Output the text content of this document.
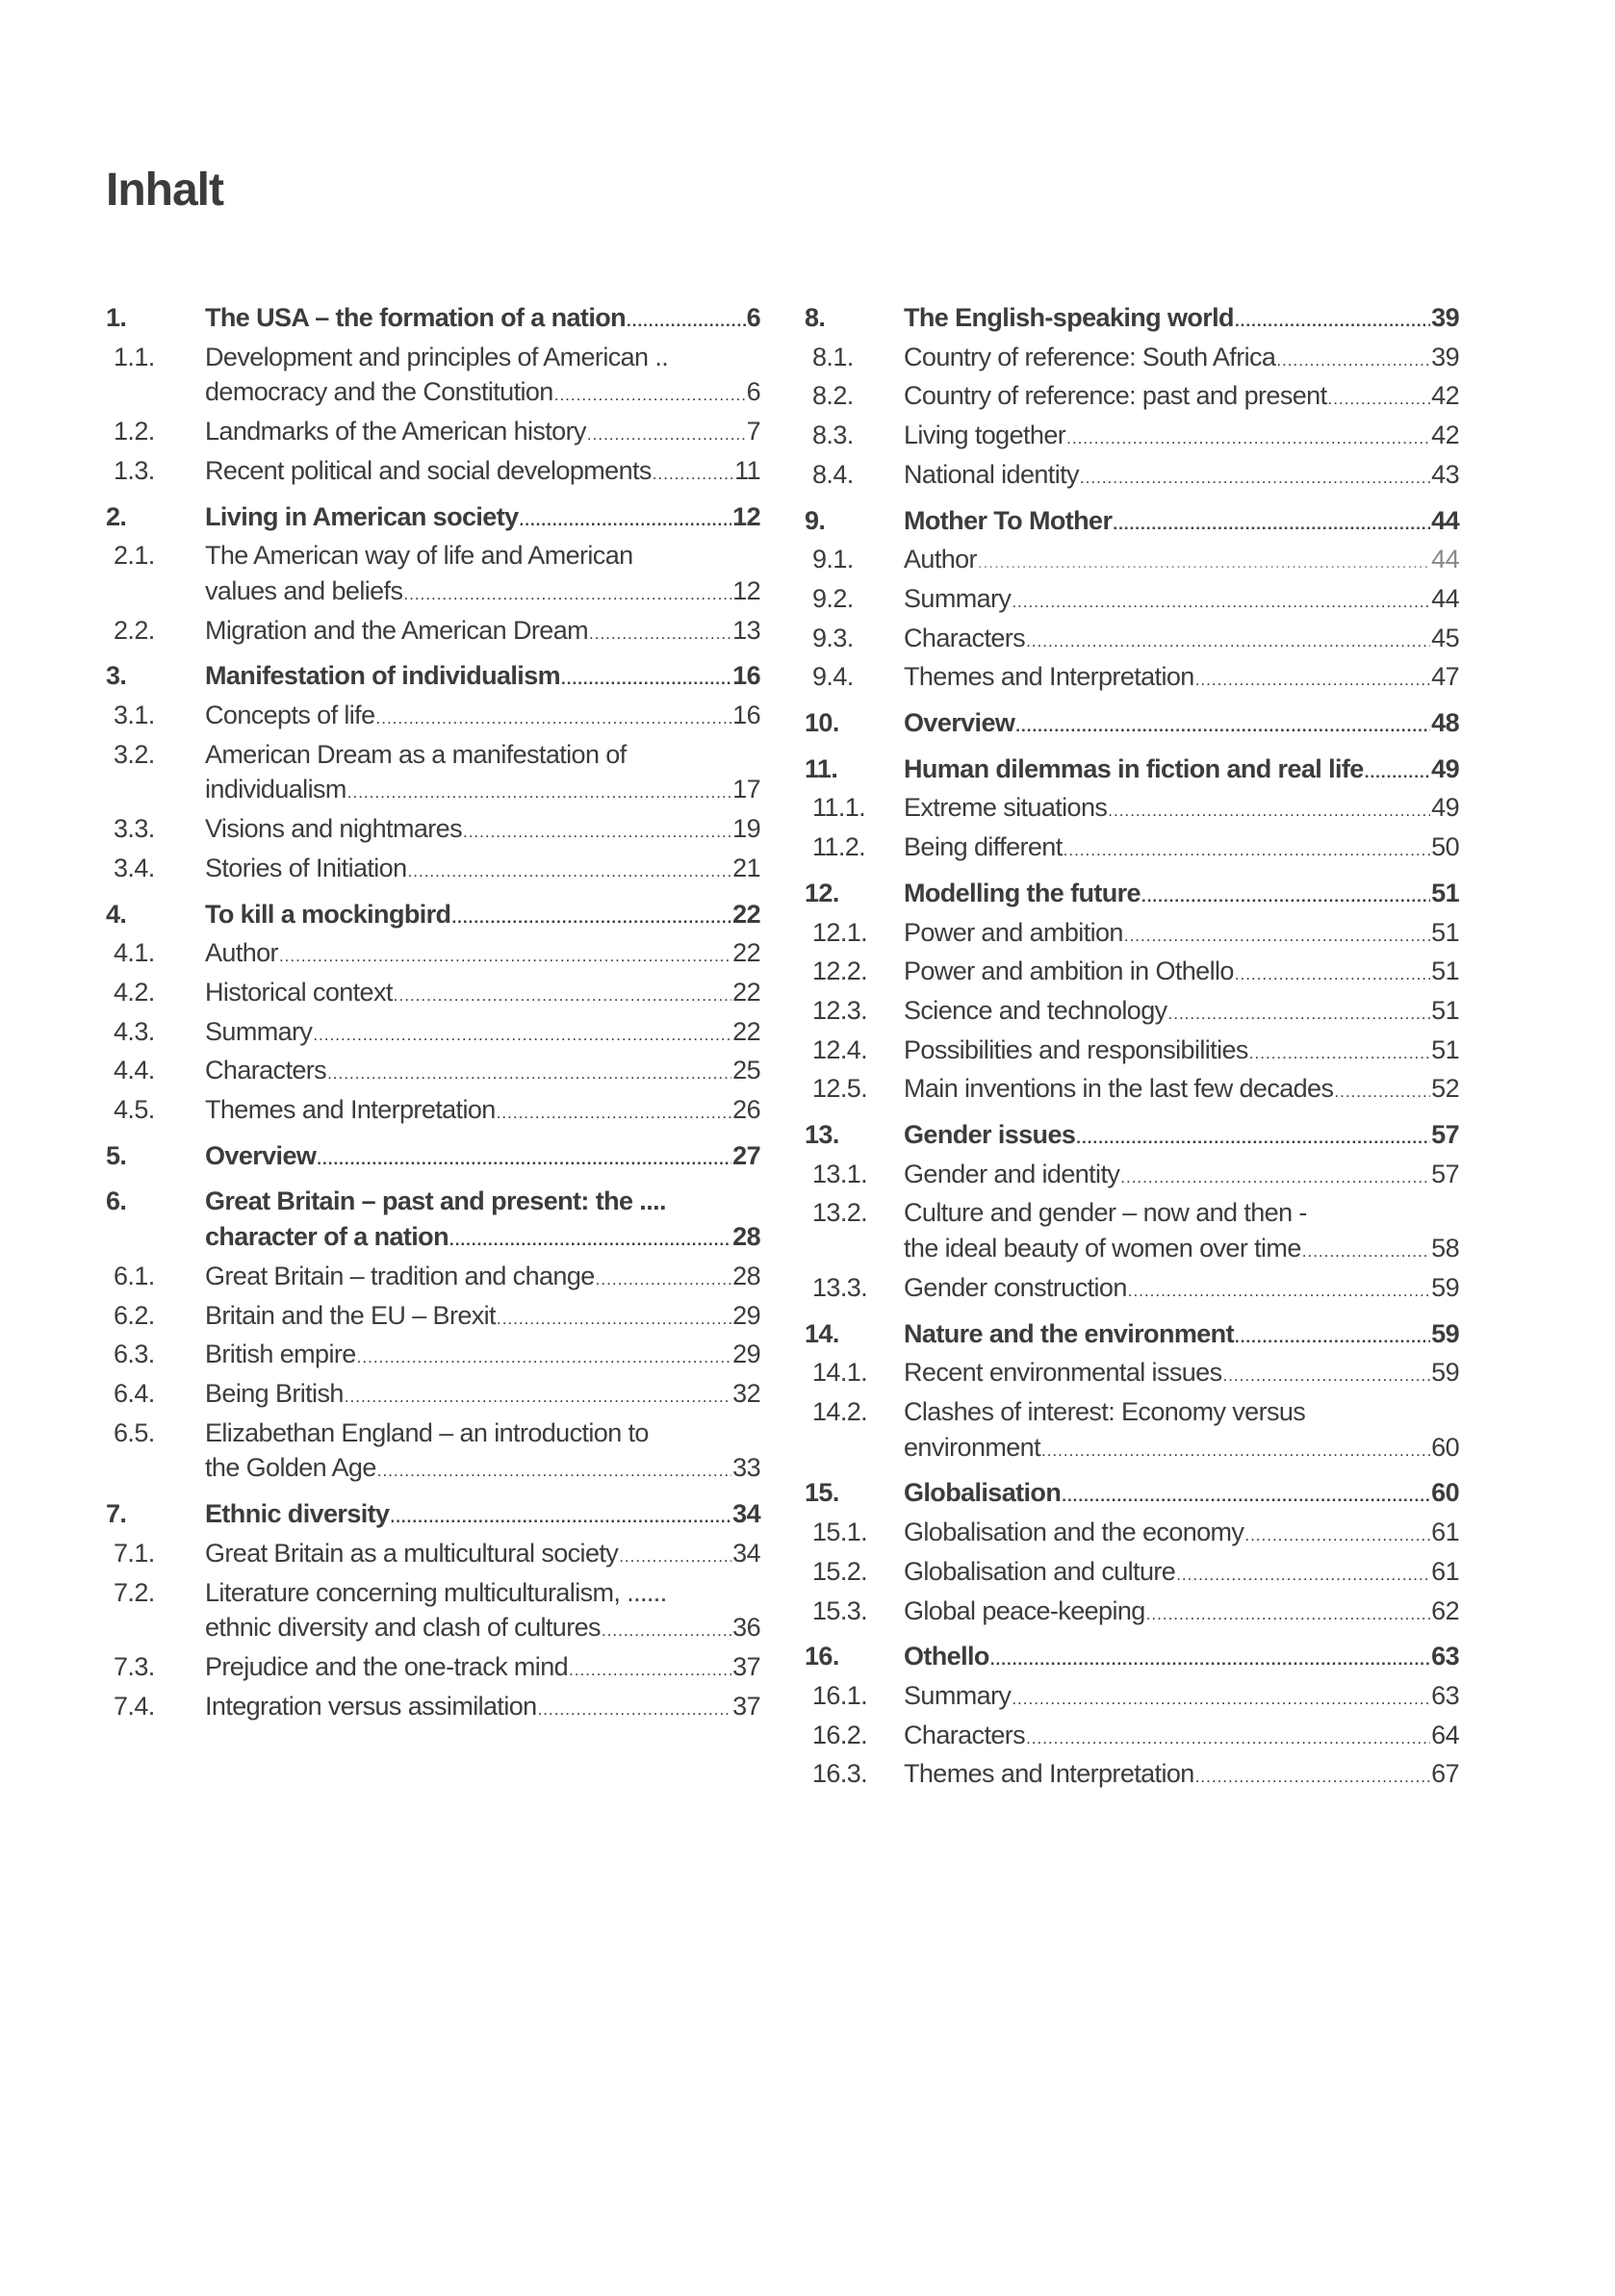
Inhalt
1.	The USA – the formation of a nation .....	6
1.1.	Development and principles of American ..
democracy and the Constitution .....	6
1.2.	Landmarks of the American history .....	7
1.3.	Recent political and social developments .....	11
2.	Living in American society .....	12
2.1.	The American way of life and American
values and beliefs .....	12
2.2.	Migration and the American Dream .....	13
3.	Manifestation of individualism .....	16
3.1.	Concepts of life .....	16
3.2.	American Dream as a manifestation of
individualism .....	17
3.3.	Visions and nightmares .....	19
3.4.	Stories of Initiation .....	21
4.	To kill a mockingbird .....	22
4.1.	Author .....	22
4.2.	Historical context .....	22
4.3.	Summary .....	22
4.4.	Characters .....	25
4.5.	Themes and Interpretation .....	26
5.	Overview .....	27
6.	Great Britain – past and present: the ....
character of a nation .....	28
6.1.	Great Britain – tradition and change .....	28
6.2.	Britain and the EU – Brexit .....	29
6.3.	British empire .....	29
6.4.	Being British .....	32
6.5.	Elizabethan England – an introduction to
the Golden Age .....	33
7.	Ethnic diversity .....	34
7.1.	Great Britain as a multicultural society .....	34
7.2.	Literature concerning multiculturalism, ......
ethnic diversity and clash of cultures .....	36
7.3.	Prejudice and the one-track mind .....	37
7.4.	Integration versus assimilation .....	37
8.	The English-speaking world .....	39
8.1.	Country of reference: South Africa .....	39
8.2.	Country of reference: past and present .....	42
8.3.	Living together .....	42
8.4.	National identity .....	43
9.	Mother To Mother .....	44
9.1.	Author .....	44
9.2.	Summary .....	44
9.3.	Characters .....	45
9.4.	Themes and Interpretation .....	47
10.	Overview .....	48
11.	Human dilemmas in fiction and real life .....	49
11.1.	Extreme situations .....	49
11.2.	Being different .....	50
12.	Modelling the future .....	51
12.1.	Power and ambition .....	51
12.2.	Power and ambition in Othello .....	51
12.3.	Science and technology .....	51
12.4.	Possibilities and responsibilities .....	51
12.5.	Main inventions in the last few decades .....	52
13.	Gender issues .....	57
13.1.	Gender and identity .....	57
13.2.	Culture and gender – now and then -
the ideal beauty of women over time .....	58
13.3.	Gender construction .....	59
14.	Nature and the environment .....	59
14.1.	Recent environmental issues .....	59
14.2.	Clashes of interest: Economy versus
environment .....	60
15.	Globalisation .....	60
15.1.	Globalisation and the economy .....	61
15.2.	Globalisation and culture .....	61
15.3.	Global peace-keeping .....	62
16.	Othello .....	63
16.1.	Summary .....	63
16.2.	Characters .....	64
16.3.	Themes and Interpretation .....	67
